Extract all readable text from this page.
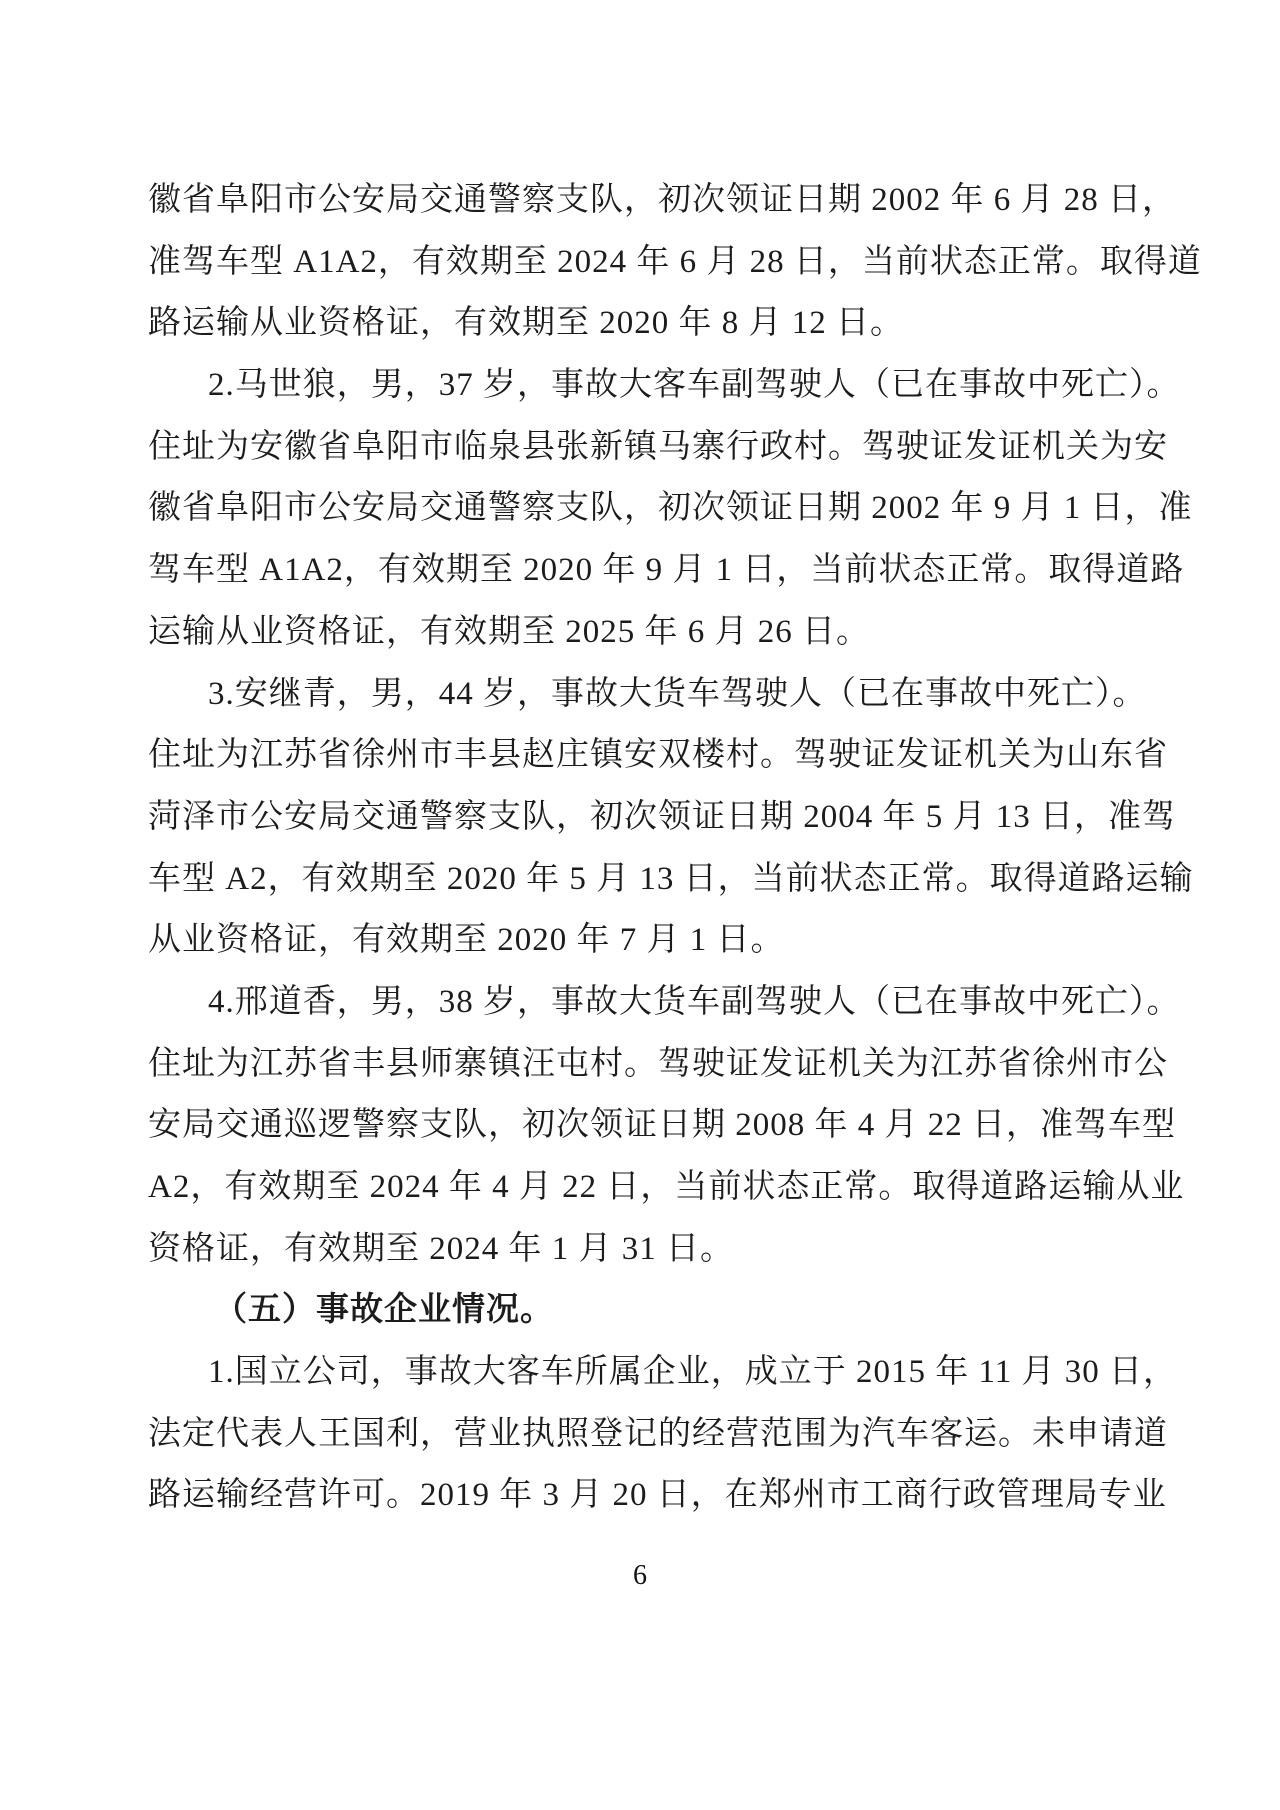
徽省阜阳市公安局交通警察支队，初次领证日期 2002 年 6 月 28 日，
准驾车型 A1A2，有效期至 2024 年 6 月 28 日，当前状态正常。取得道
路运输从业资格证，有效期至 2020 年 8 月 12 日。
2.马世狼，男，37 岁，事故大客车副驾驶人（已在事故中死亡）。
住址为安徽省阜阳市临泉县张新镇马寨行政村。驾驶证发证机关为安
徽省阜阳市公安局交通警察支队，初次领证日期 2002 年 9 月 1 日，准
驾车型 A1A2，有效期至 2020 年 9 月 1 日，当前状态正常。取得道路
运输从业资格证，有效期至 2025 年 6 月 26 日。
3.安继青，男，44 岁，事故大货车驾驶人（已在事故中死亡）。
住址为江苏省徐州市丰县赵庄镇安双楼村。驾驶证发证机关为山东省
菏泽市公安局交通警察支队，初次领证日期 2004 年 5 月 13 日，准驾
车型 A2，有效期至 2020 年 5 月 13 日，当前状态正常。取得道路运输
从业资格证，有效期至 2020 年 7 月 1 日。
4.邢道香，男，38 岁，事故大货车副驾驶人（已在事故中死亡）。
住址为江苏省丰县师寨镇汪屯村。驾驶证发证机关为江苏省徐州市公
安局交通巡逻警察支队，初次领证日期 2008 年 4 月 22 日，准驾车型
A2，有效期至 2024 年 4 月 22 日，当前状态正常。取得道路运输从业
资格证，有效期至 2024 年 1 月 31 日。
（五）事故企业情况。
1.国立公司，事故大客车所属企业，成立于 2015 年 11 月 30 日，
法定代表人王国利，营业执照登记的经营范围为汽车客运。未申请道
路运输经营许可。2019 年 3 月 20 日，在郑州市工商行政管理局专业
6
